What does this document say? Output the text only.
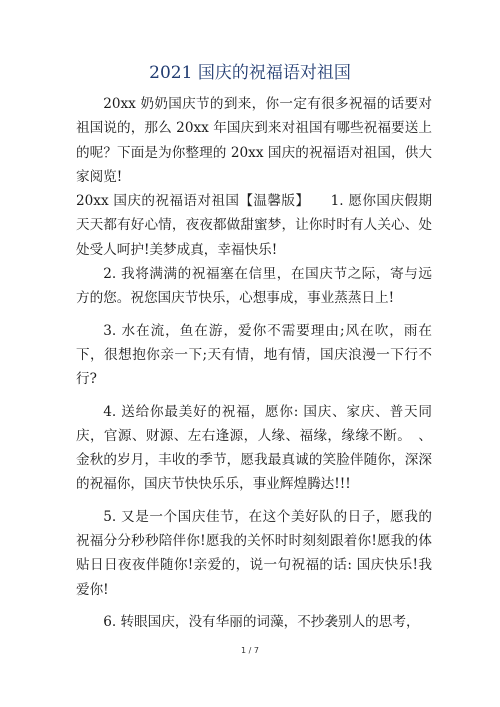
2021 国庆的祝福语对祖国

20xx 奶奶国庆节的到来，你一定有很多祝福的话要对祖国说的，那么 20xx 年国庆到来对祖国有哪些祝福要送上的呢？下面是为你整理的 20xx 国庆的祝福语对祖国，供大家阅览!

20xx 国庆的祝福语对祖国【温馨版】　　1. 愿你国庆假期天天都有好心情，夜夜都做甜蜜梦，让你时时有人关心、处处受人呵护!美梦成真，幸福快乐!

2. 我将满满的祝福塞在信里，在国庆节之际，寄与远方的您。祝您国庆节快乐，心想事成，事业蒸蒸日上!

3. 水在流，鱼在游，爱你不需要理由;风在吹，雨在下，很想抱你亲一下;天有情，地有情，国庆浪漫一下行不行?

4. 送给你最美好的祝福，愿你: 国庆、家庆、普天同庆，官源、财源、左右逢源，人缘、福缘，缘缘不断。　、金秋的岁月，丰收的季节，愿我最真诚的笑脸伴随你，深深的祝福你，国庆节快快乐乐，事业辉煌腾达!!!

5. 又是一个国庆佳节，在这个美好队的日子，愿我的祝福分分秒秒陪伴你!愿我的关怀时时刻刻跟着你!愿我的体贴日日夜夜伴随你!亲爱的，说一句祝福的话: 国庆快乐!我爱你!

6. 转眼国庆，没有华丽的词藻，不抄袭别人的思考，

1 / 7
